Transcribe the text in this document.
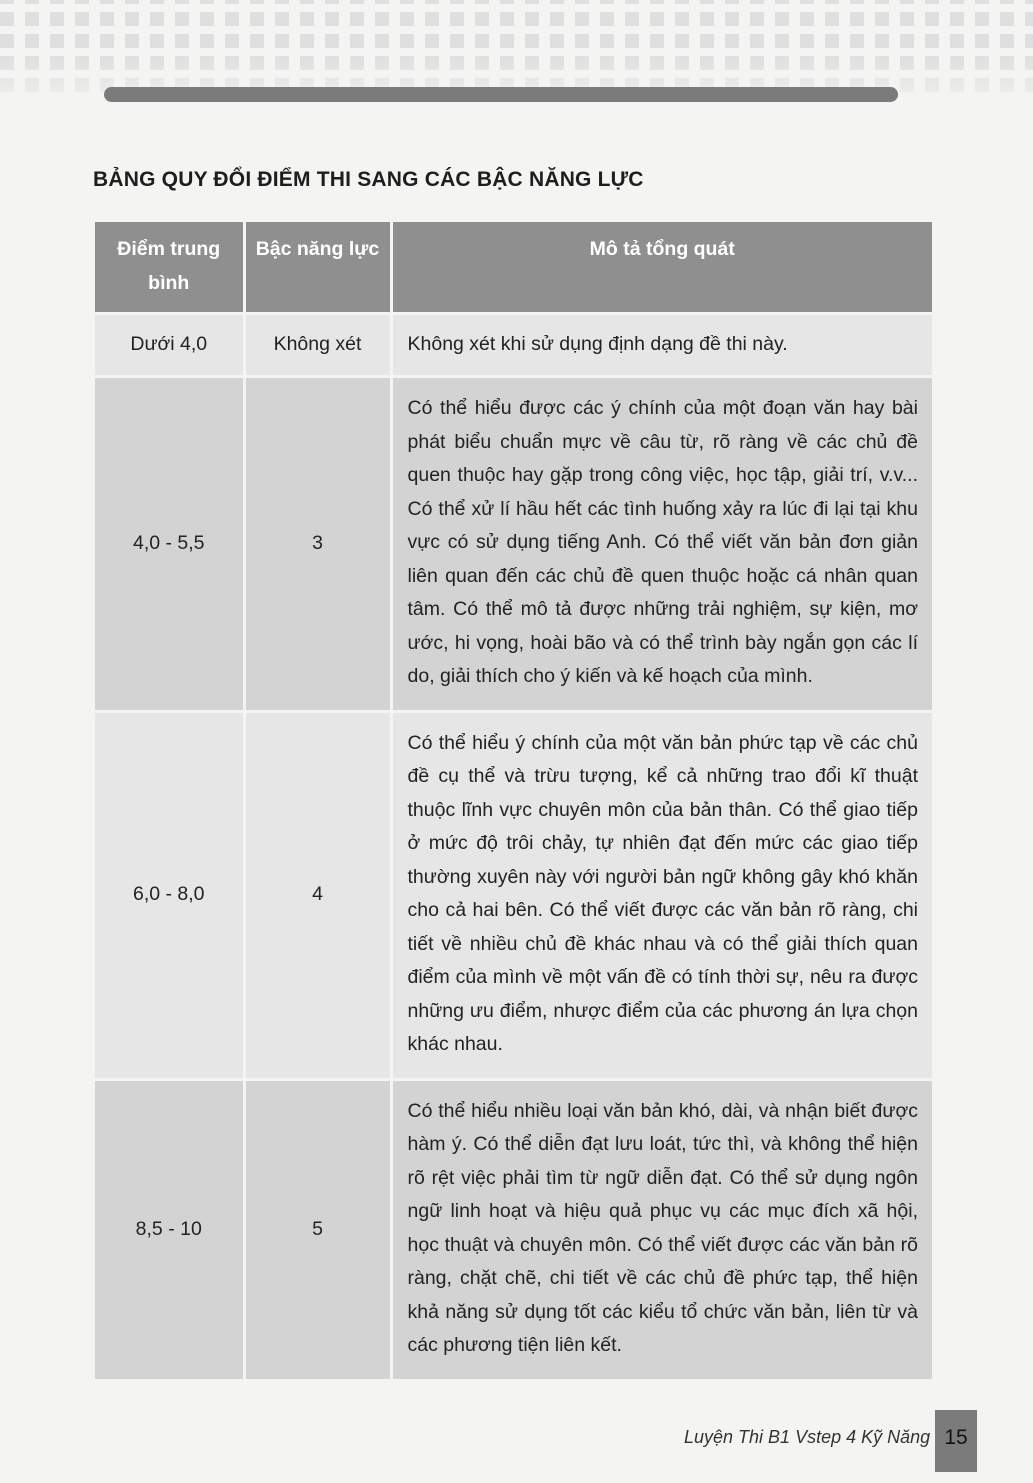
BẢNG QUY ĐỔI ĐIỂM THI SANG CÁC BẬC NĂNG LỰC
Điểm trung bình	Bậc năng lực	Mô tả tổng quát
Dưới 4,0	Không xét	Không xét khi sử dụng định dạng đề thi này.
4,0 - 5,5	3	Có thể hiểu được các ý chính của một đoạn văn hay bài phát biểu chuẩn mực về câu từ, rõ ràng về các chủ đề quen thuộc hay gặp trong công việc, học tập, giải trí, v.v... Có thể xử lí hầu hết các tình huống xảy ra lúc đi lại tại khu vực có sử dụng tiếng Anh. Có thể viết văn bản đơn giản liên quan đến các chủ đề quen thuộc hoặc cá nhân quan tâm. Có thể mô tả được những trải nghiệm, sự kiện, mơ ước, hi vọng, hoài bão và có thể trình bày ngắn gọn các lí do, giải thích cho ý kiến và kế hoạch của mình.
6,0 - 8,0	4	Có thể hiểu ý chính của một văn bản phức tạp về các chủ đề cụ thể và trừu tượng, kể cả những trao đổi kĩ thuật thuộc lĩnh vực chuyên môn của bản thân. Có thể giao tiếp ở mức độ trôi chảy, tự nhiên đạt đến mức các giao tiếp thường xuyên này với người bản ngữ không gây khó khăn cho cả hai bên. Có thể viết được các văn bản rõ ràng, chi tiết về nhiều chủ đề khác nhau và có thể giải thích quan điểm của mình về một vấn đề có tính thời sự, nêu ra được những ưu điểm, nhược điểm của các phương án lựa chọn khác nhau.
8,5 - 10	5	Có thể hiểu nhiều loại văn bản khó, dài, và nhận biết được hàm ý. Có thể diễn đạt lưu loát, tức thì, và không thể hiện rõ rệt việc phải tìm từ ngữ diễn đạt. Có thể sử dụng ngôn ngữ linh hoạt và hiệu quả phục vụ các mục đích xã hội, học thuật và chuyên môn. Có thể viết được các văn bản rõ ràng, chặt chẽ, chi tiết về các chủ đề phức tạp, thể hiện khả năng sử dụng tốt các kiểu tổ chức văn bản, liên từ và các phương tiện liên kết.
Luyện Thi B1 Vstep 4 Kỹ Năng 15
